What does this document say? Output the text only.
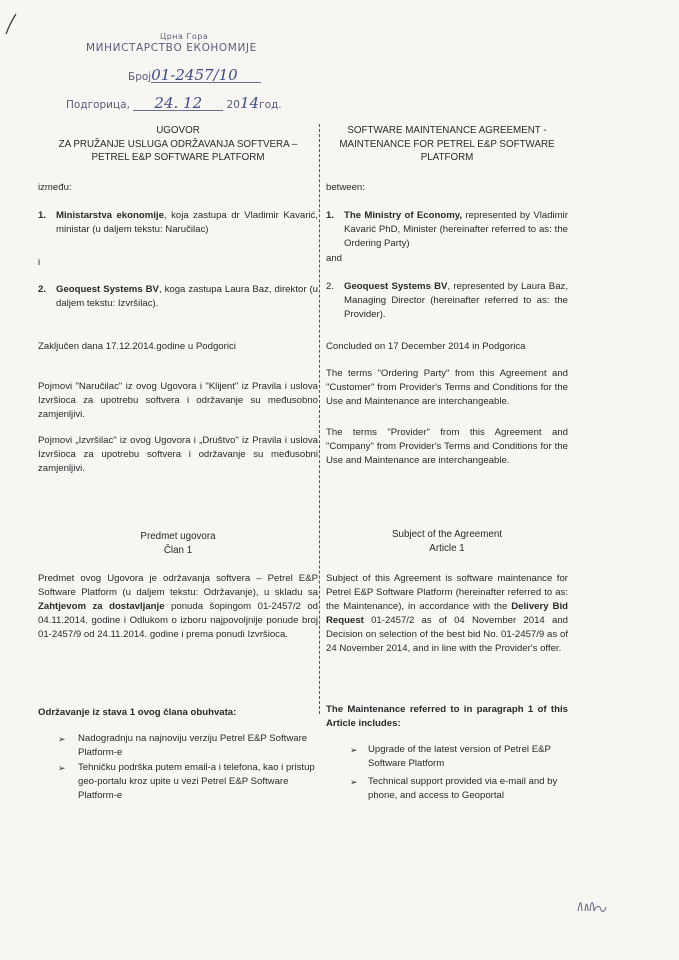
Црна Гора
МИНИСТАРСТВО ЕКОНОМИЈЕ
Број01-2457/10
Подгорица, 24. 12 2014год.
UGOVOR
ZA PRUŽANJE USLUGA ODRŽAVANJA SOFTVERA –
PETREL E&P SOFTWARE PLATFORM
između:
1.	Ministarstva ekonomije, koja zastupa dr Vladimir Kavarić, ministar (u daljem tekstu: Naručilac)
i
2.	Geoquest Systems BV, koga zastupa Laura Baz, direktor (u daljem tekstu: Izvršilac).
Zaključen dana 17.12.2014.godine u Podgorici
Pojmovi "Naručilac" iz ovog Ugovora i "Klijent" iz Pravila i uslova Izvršioca za upotrebu softvera i održavanje su međusobno zamjenljivi.
Pojmovi „Izvršilac" iz ovog Ugovora i „Društvo" iz Pravila i uslova Izvršioca za upotrebu softvera i održavanje su međusobni zamjenljivi.
Predmet ugovora
Član 1
Predmet ovog Ugovora je održavanja softvera – Petrel E&P Software Platform (u daljem tekstu: Održavanje), u skladu sa Zahtjevom za dostavljanje ponuda šopingom 01-2457/2 od 04.11.2014. godine i Odlukom o izboru najpovoljnije ponude broj 01-2457/9 od 24.11.2014. godine i prema ponudi Izvršioca.
Održavanje iz stava 1 ovog člana obuhvata:
➢ Nadogradnju na najnoviju verziju Petrel E&P Software Platform-e
➢ Tehničku podrška putem email-a i telefona, kao i pristup geo-portalu kroz upite u vezi Petrel E&P Software Platform-e
SOFTWARE MAINTENANCE AGREEMENT -
MAINTENANCE FOR PETREL E&P SOFTWARE
PLATFORM
between:
1.	The Ministry of Economy, represented by Vladimir Kavarić PhD, Minister (hereinafter referred to as: the Ordering Party)
and
2.	Geoquest Systems BV, represented by Laura Baz, Managing Director (hereinafter referred to as: the Provider).
Concluded on 17 December 2014 in Podgorica
The terms "Ordering Party" from this Agreement and "Customer" from Provider's Terms and Conditions for the Use and Maintenance are interchangeable.
The terms "Provider" from this Agreement and "Company" from Provider's Terms and Conditions for the Use and Maintenance are interchangeable.
Subject of the Agreement
Article 1
Subject of this Agreement is software maintenance for Petrel E&P Software Platform (hereinafter referred to as: the Maintenance), in accordance with the Delivery Bid Request 01-2457/2 as of 04 November 2014 and Decision on selection of the best bid No. 01-2457/9 as of 24 November 2014, and in line with the Provider's offer.
The Maintenance referred to in paragraph 1 of this Article includes:
➢ Upgrade of the latest version of Petrel E&P Software Platform
➢ Technical support provided via e-mail and by phone, and access to Geoportal
